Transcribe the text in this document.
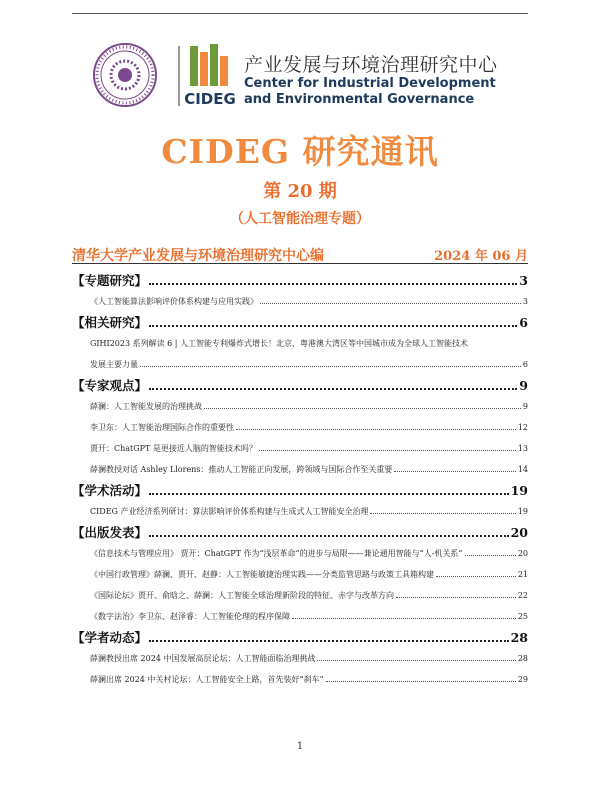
CIDEG
产业发展与环境治理研究中心
Center for Industrial Development
and Environmental Governance
CIDEG 研究通讯
第 20 期
（人工智能治理专题）
清华大学产业发展与环境治理研究中心编	2024 年 06 月
【专题研究】	3
《人工智能算法影响评价体系构建与应用实践》	3
【相关研究】	6
GIHI2023 系列解读 6 | 人工智能专利爆炸式增长！北京、粤港澳大湾区等中国城市成为全球人工智能技术
发展主要力量	6
【专家观点】	9
薛澜：人工智能发展的治理挑战	9
李卫东：人工智能治理国际合作的重要性	12
贾开：ChatGPT 是更接近人脑的智能技术吗？	13
薛澜教授对话 Ashley Llorens：推动人工智能正向发展，跨领域与国际合作至关重要	14
【学术活动】	19
CIDEG 产业经济系列研讨：算法影响评价体系构建与生成式人工智能安全治理	19
【出版发表】	20
《信息技术与管理应用》 贾开：ChatGPT 作为“浅层革命”的进步与局限——兼论通用智能与“人-机关系”	20
《中国行政管理》薛澜、贾开、赵静：人工智能敏捷治理实践——分类监管思路与政策工具箱构建	21
《国际论坛》贾开、俞晗之、薛澜：人工智能全球治理新阶段的特征、赤字与改革方向	22
《数字法治》李卫东、赵泽睿：人工智能伦理的程序保障	25
【学者动态】	28
薛澜教授出席 2024 中国发展高层论坛：人工智能面临治理挑战	28
薛澜出席 2024 中关村论坛：人工智能安全上路，首先装好“刹车”	29
1
